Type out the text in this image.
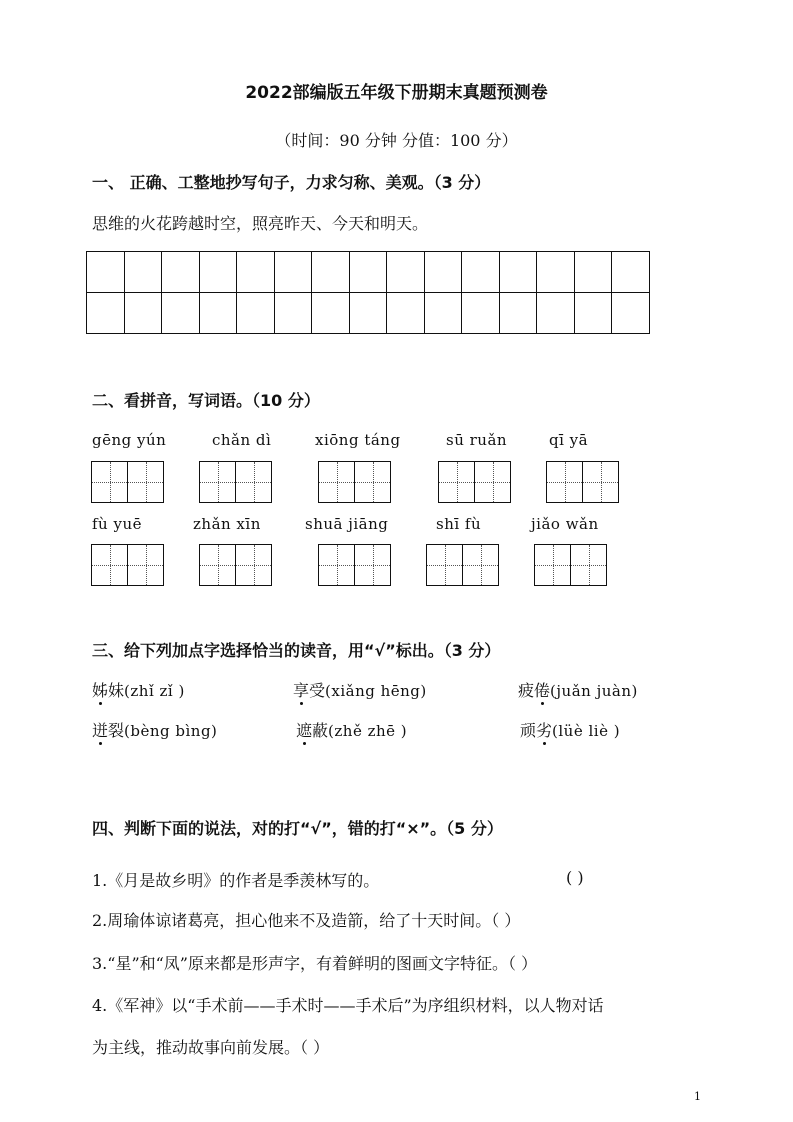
2022部编版五年级下册期末真题预测卷
（时间：90 分钟 分值：100 分）
一、 正确、工整地抄写句子，力求匀称、美观。（3 分）
思维的火花跨越时空，照亮昨天、今天和明天。

二、看拼音，写词语。（10 分）
gēng yún	chǎn dì	xiōng táng	sū ruǎn	qī yā
fù yuē	zhǎn xīn	shuā jiāng	shī fù	jiǎo wǎn
三、给下列加点字选择恰当的读音，用“√”标出。（3 分）
姊妹(zhǐ zǐ )	享受(xiǎng hēng)	疲倦(juǎn juàn)
迸裂(bèng bìng)	遮蔽(zhě zhē )	顽劣(lüè liè )
四、判断下面的说法，对的打“√”，错的打“×”。（5 分）
1.《月是故乡明》的作者是季羡林写的。	( )
2.周瑜体谅诸葛亮，担心他来不及造箭，给了十天时间。（ ）
3.“星”和“凤”原来都是形声字，有着鲜明的图画文字特征。（ ）
4.《军神》以“手术前——手术时——手术后”为序组织材料，以人物对话
为主线，推动故事向前发展。（ ）
1
